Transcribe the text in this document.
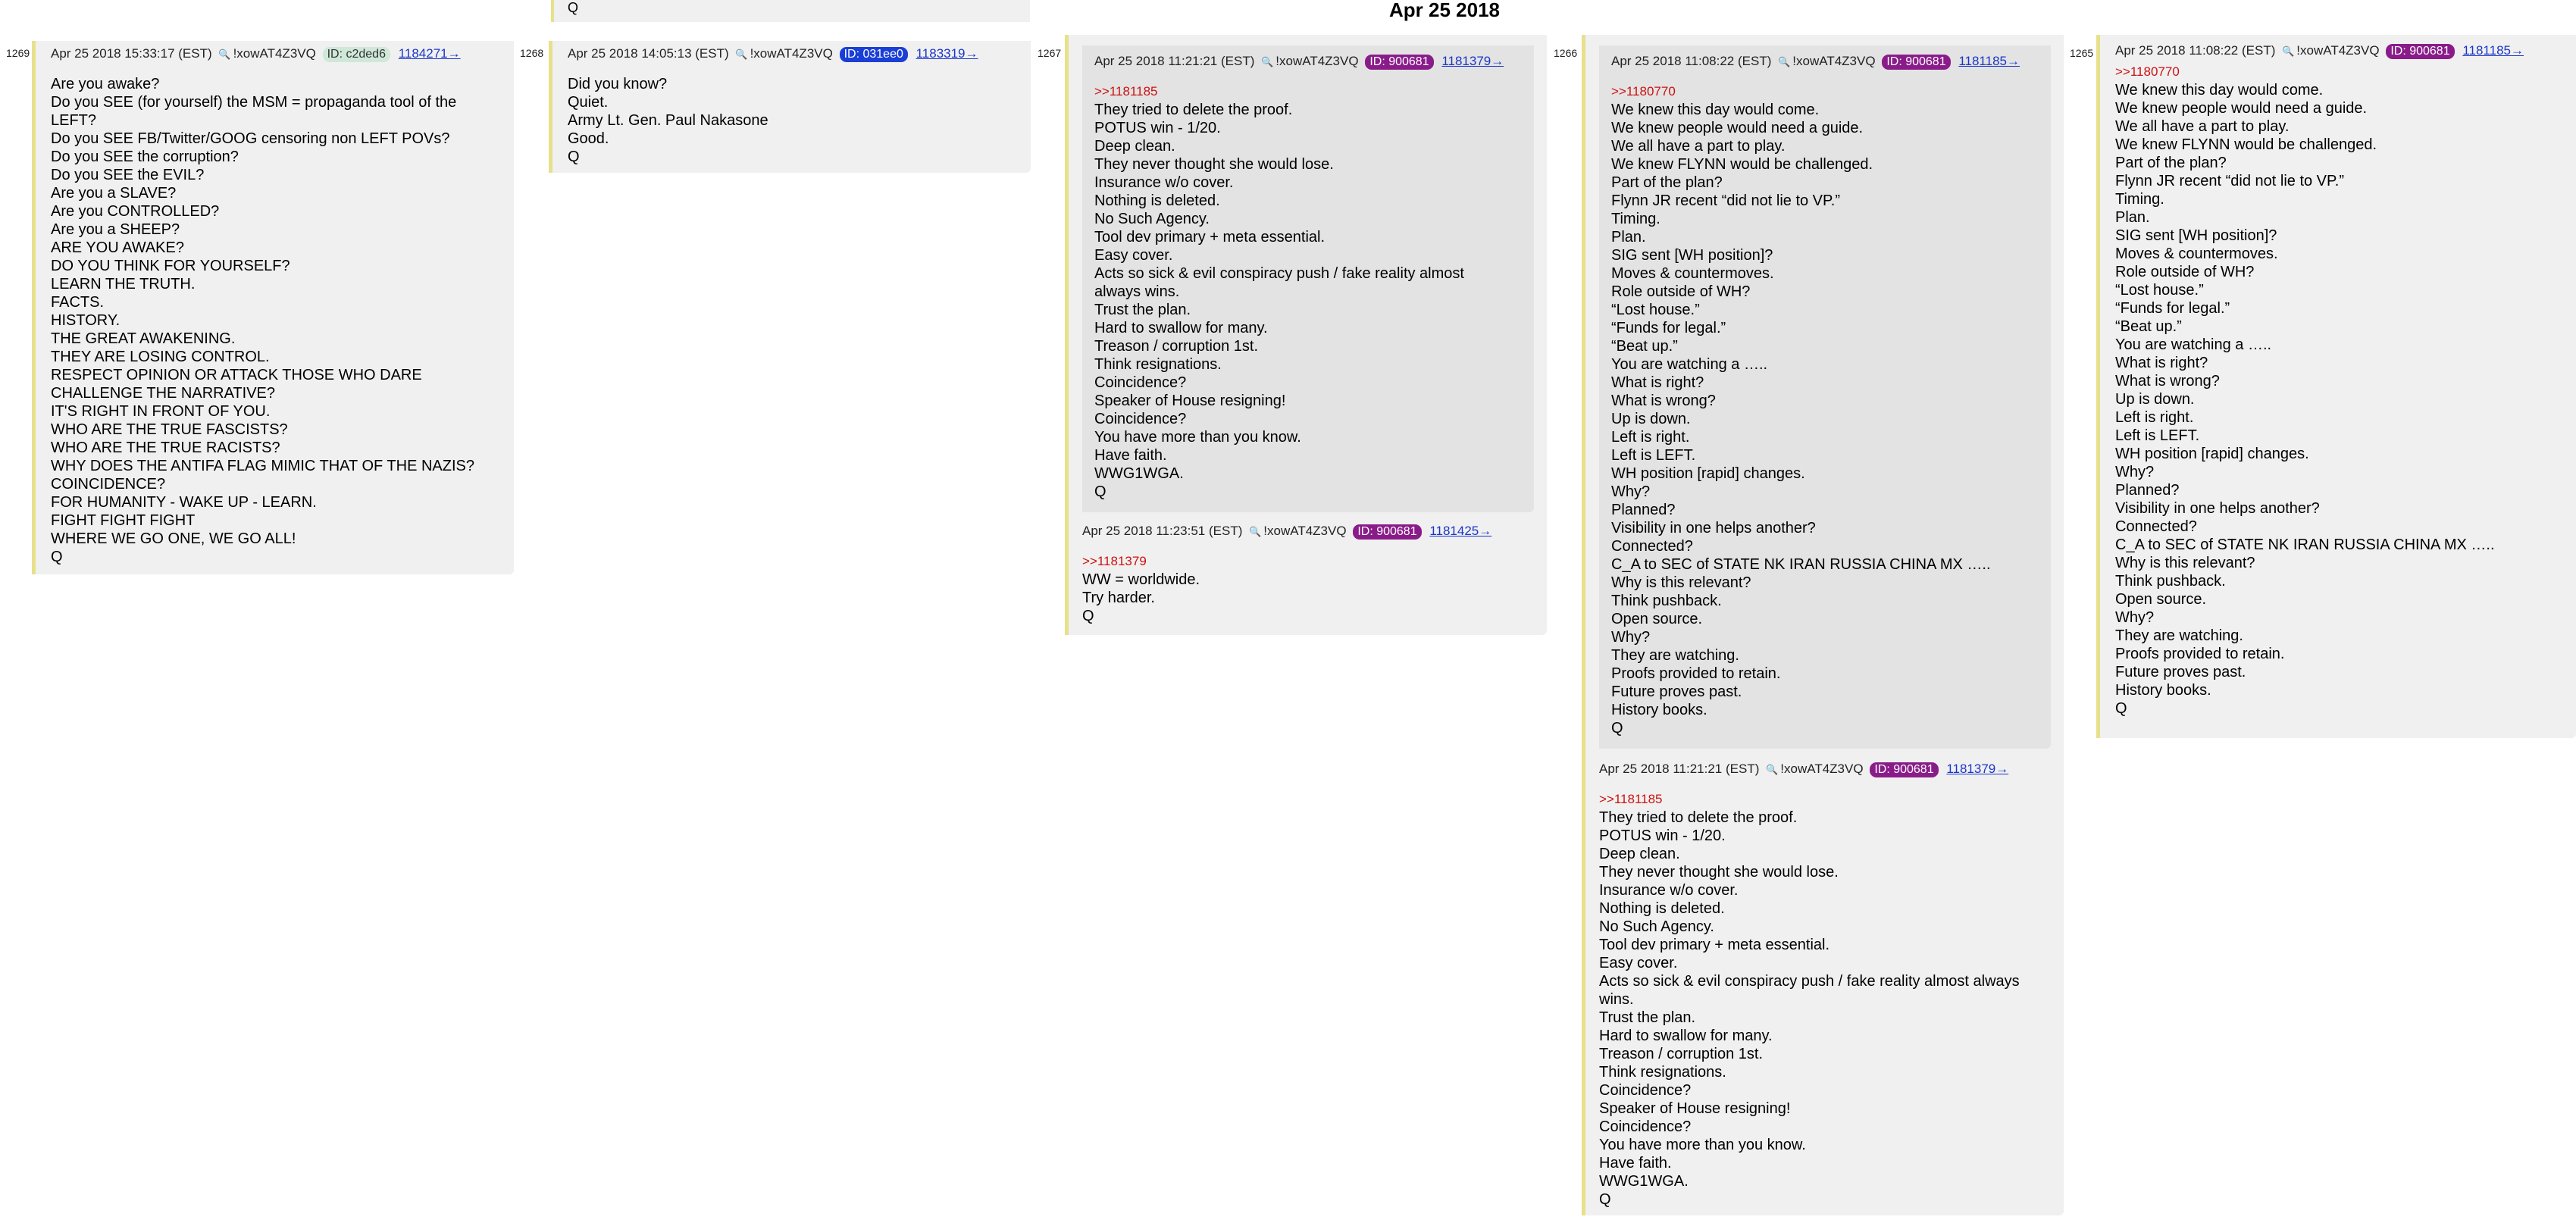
Apr 25 2018
Q
1269 Apr 25 2018 15:33:17 (EST) 🔍 !xowAT4Z3VQ ID: c2ded6 1184271→
Are you awake?
Do you SEE (for yourself) the MSM = propaganda tool of the
LEFT?
Do you SEE FB/Twitter/GOOG censoring non LEFT POVs?
Do you SEE the corruption?
Do you SEE the EVIL?
Are you a SLAVE?
Are you CONTROLLED?
Are you a SHEEP?
ARE YOU AWAKE?
DO YOU THINK FOR YOURSELF?
LEARN THE TRUTH.
FACTS.
HISTORY.
THE GREAT AWAKENING.
THEY ARE LOSING CONTROL.
RESPECT OPINION OR ATTACK THOSE WHO DARE
CHALLENGE THE NARRATIVE?
IT'S RIGHT IN FRONT OF YOU.
WHO ARE THE TRUE FASCISTS?
WHO ARE THE TRUE RACISTS?
WHY DOES THE ANTIFA FLAG MIMIC THAT OF THE NAZIS?
COINCIDENCE?
FOR HUMANITY - WAKE UP - LEARN.
FIGHT FIGHT FIGHT
WHERE WE GO ONE, WE GO ALL!
Q
1268 Apr 25 2018 14:05:13 (EST) 🔍 !xowAT4Z3VQ ID: 031ee0 1183319→
Did you know?
Quiet.
Army Lt. Gen. Paul Nakasone
Good.
Q
1267
Apr 25 2018 11:21:21 (EST) 🔍 !xowAT4Z3VQ ID: 900681 1181379→
>>1181185
They tried to delete the proof.
POTUS win - 1/20.
Deep clean.
They never thought she would lose.
Insurance w/o cover.
Nothing is deleted.
No Such Agency.
Tool dev primary + meta essential.
Easy cover.
Acts so sick & evil conspiracy push / fake reality almost
always wins.
Trust the plan.
Hard to swallow for many.
Treason / corruption 1st.
Think resignations.
Coincidence?
Speaker of House resigning!
Coincidence?
You have more than you know.
Have faith.
WWG1WGA.
Q
Apr 25 2018 11:23:51 (EST) 🔍 !xowAT4Z3VQ ID: 900681 1181425→
>>1181379
WW = worldwide.
Try harder.
Q
1266
Apr 25 2018 11:08:22 (EST) 🔍 !xowAT4Z3VQ ID: 900681 1181185→
>>1180770
We knew this day would come.
We knew people would need a guide.
We all have a part to play.
We knew FLYNN would be challenged.
Part of the plan?
Flynn JR recent “did not lie to VP.”
Timing.
Plan.
SIG sent [WH position]?
Moves & countermoves.
Role outside of WH?
“Lost house.”
“Funds for legal.”
“Beat up.”
You are watching a …..
What is right?
What is wrong?
Up is down.
Left is right.
Left is LEFT.
WH position [rapid] changes.
Why?
Planned?
Visibility in one helps another?
Connected?
C_A to SEC of STATE NK IRAN RUSSIA CHINA MX …..
Why is this relevant?
Think pushback.
Open source.
Why?
They are watching.
Proofs provided to retain.
Future proves past.
History books.
Q
Apr 25 2018 11:21:21 (EST) 🔍 !xowAT4Z3VQ ID: 900681 1181379→
>>1181185
They tried to delete the proof.
POTUS win - 1/20.
Deep clean.
They never thought she would lose.
Insurance w/o cover.
Nothing is deleted.
No Such Agency.
Tool dev primary + meta essential.
Easy cover.
Acts so sick & evil conspiracy push / fake reality almost always
wins.
Trust the plan.
Hard to swallow for many.
Treason / corruption 1st.
Think resignations.
Coincidence?
Speaker of House resigning!
Coincidence?
You have more than you know.
Have faith.
WWG1WGA.
Q
1265 Apr 25 2018 11:08:22 (EST) 🔍 !xowAT4Z3VQ ID: 900681 1181185→
>>1180770
We knew this day would come.
We knew people would need a guide.
We all have a part to play.
We knew FLYNN would be challenged.
Part of the plan?
Flynn JR recent “did not lie to VP.”
Timing.
Plan.
SIG sent [WH position]?
Moves & countermoves.
Role outside of WH?
“Lost house.”
“Funds for legal.”
“Beat up.”
You are watching a …..
What is right?
What is wrong?
Up is down.
Left is right.
Left is LEFT.
WH position [rapid] changes.
Why?
Planned?
Visibility in one helps another?
Connected?
C_A to SEC of STATE NK IRAN RUSSIA CHINA MX …..
Why is this relevant?
Think pushback.
Open source.
Why?
They are watching.
Proofs provided to retain.
Future proves past.
History books.
Q
